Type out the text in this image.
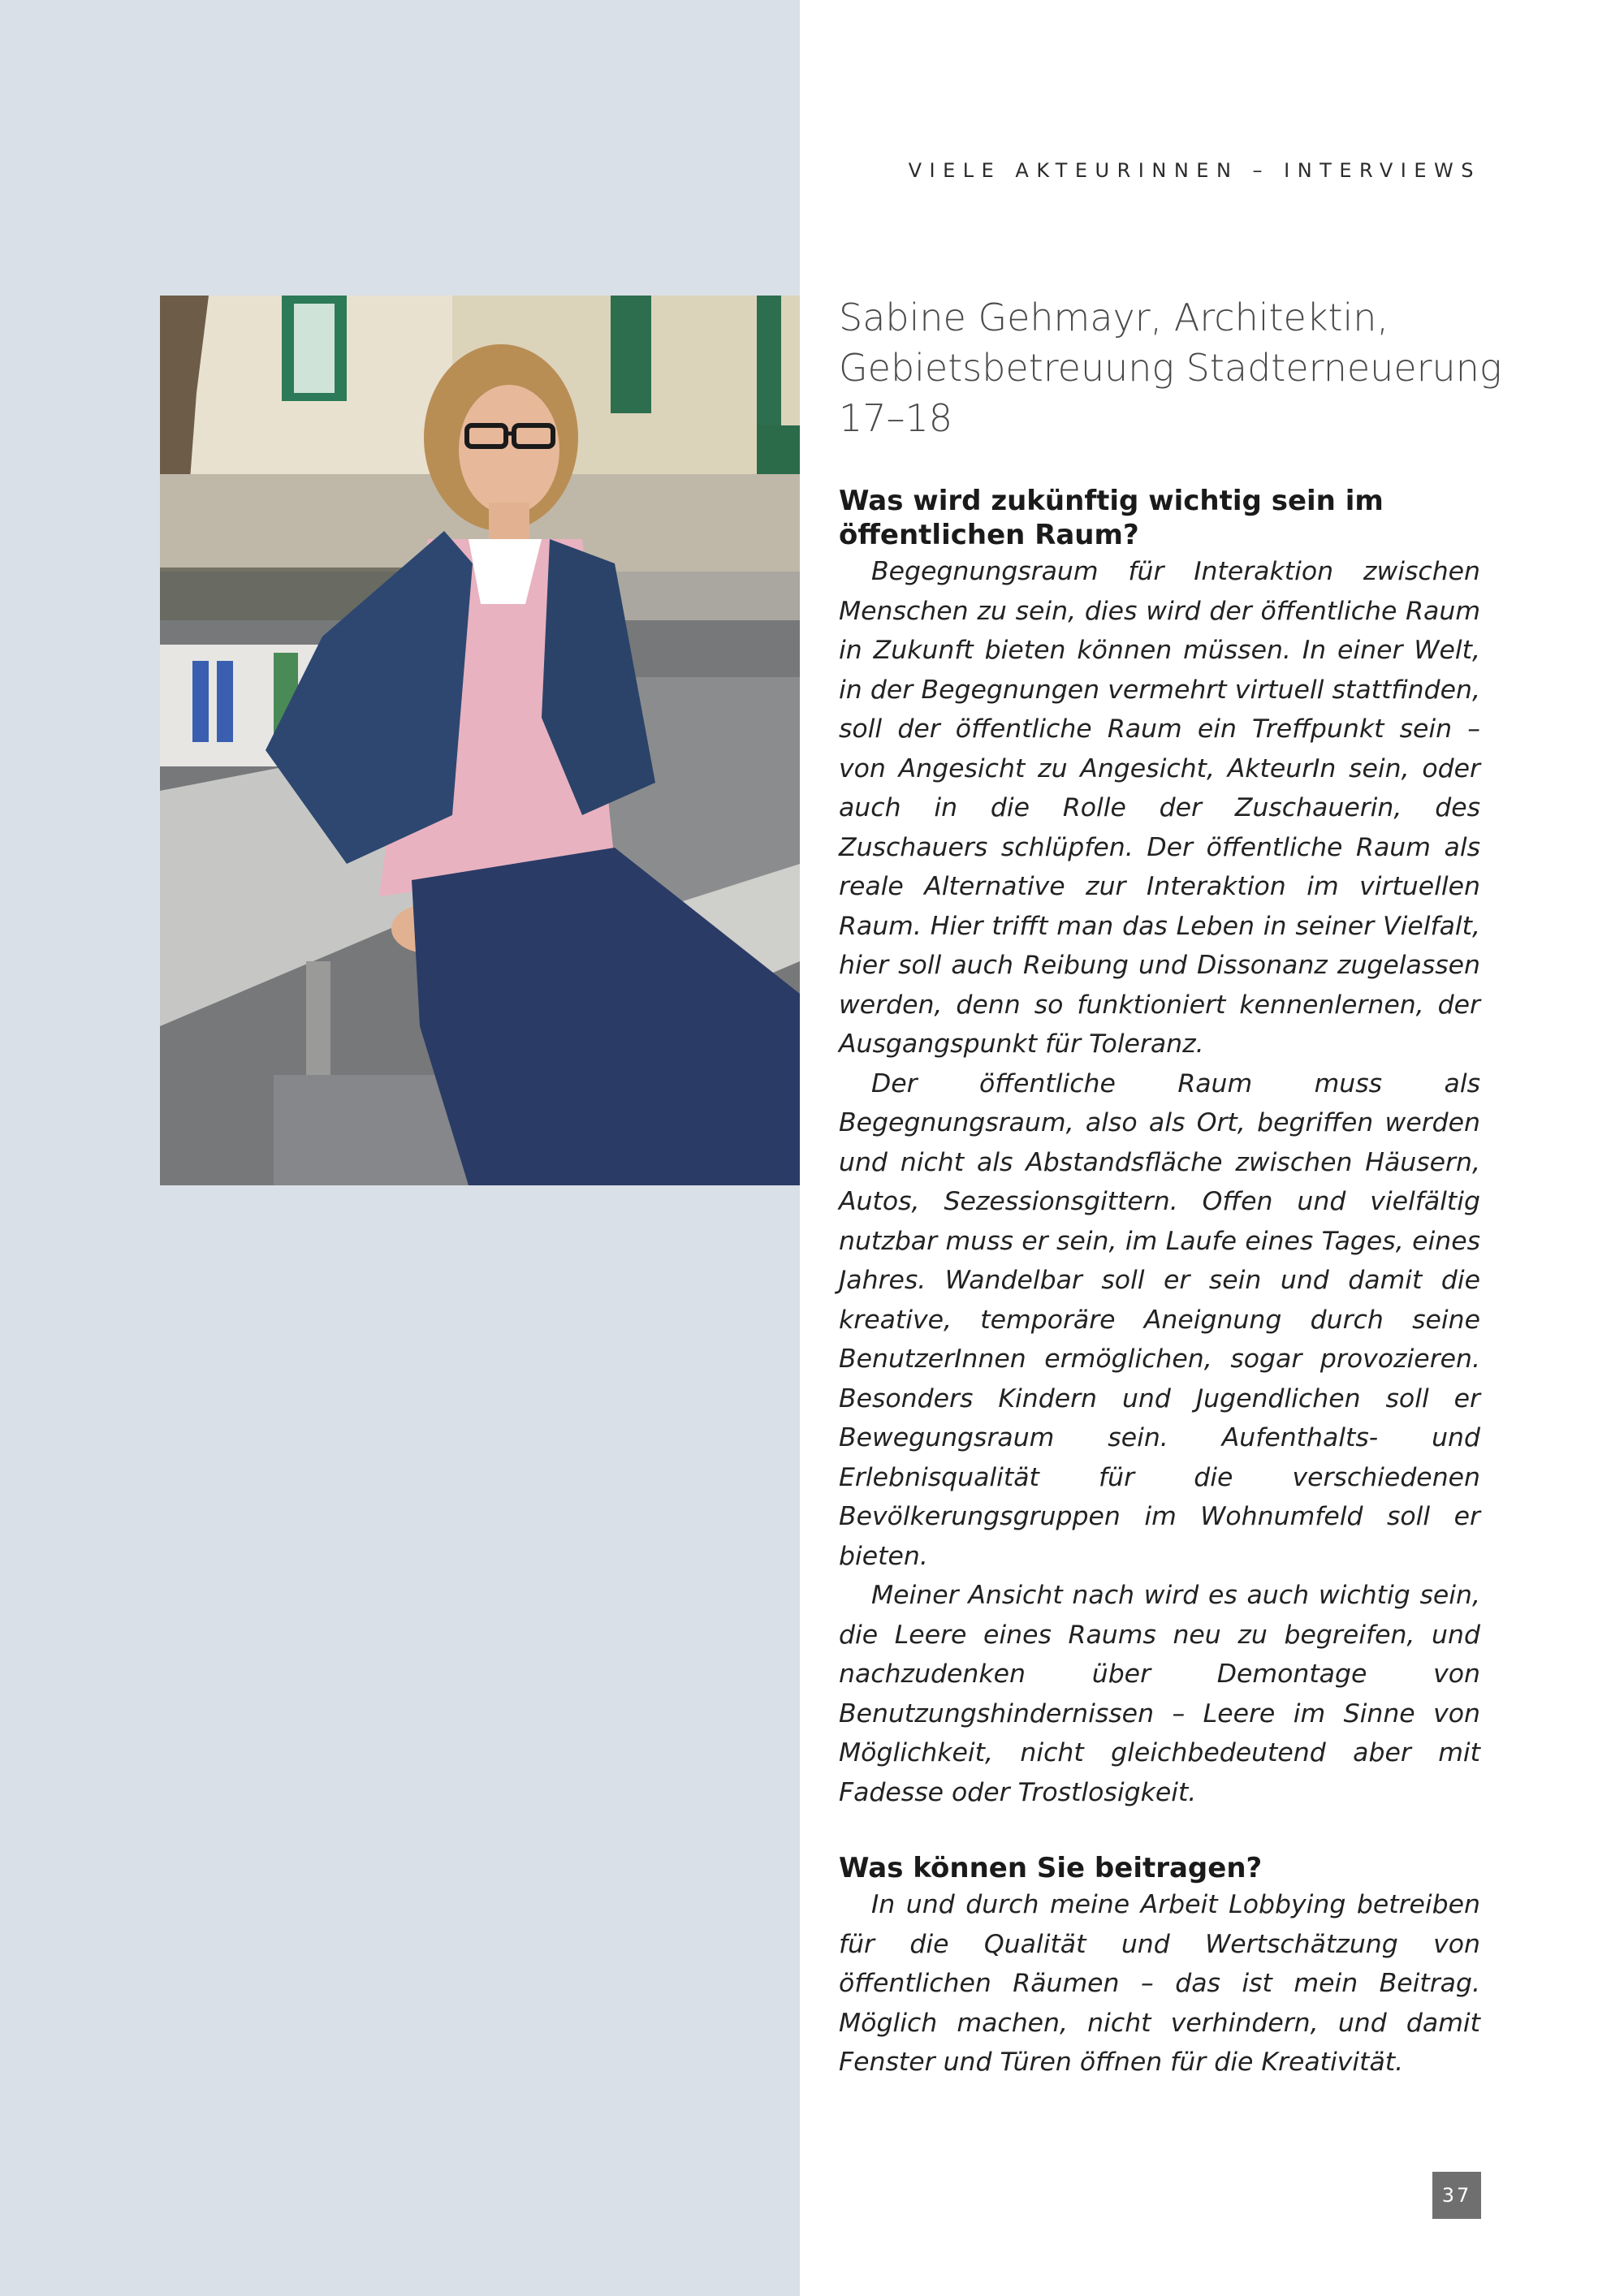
VIELE AKTEURINNEN – INTERVIEWS
Sabine Gehmayr, Architektin,
Gebietsbetreuung Stadterneuerung
17–18
Was wird zukünftig wichtig sein im öffentlichen Raum?

Begegnungsraum für Interaktion zwischen Menschen zu sein, dies wird der öffentliche Raum in Zukunft bieten können müssen. In einer Welt, in der Begegnungen vermehrt virtuell stattfinden, soll der öffentliche Raum ein Treffpunkt sein – von Angesicht zu Angesicht, AkteurIn sein, oder auch in die Rolle der Zuschauerin, des Zuschauers schlüpfen. Der öffentliche Raum als reale Alternative zur Interaktion im virtuellen Raum. Hier trifft man das Leben in seiner Vielfalt, hier soll auch Reibung und Dissonanz zugelassen werden, denn so funktioniert kennenlernen, der Ausgangspunkt für Toleranz.

Der öffentliche Raum muss als Begegnungsraum, also als Ort, begriffen werden und nicht als Abstandsfläche zwischen Häusern, Autos, Sezessionsgittern. Offen und vielfältig nutzbar muss er sein, im Laufe eines Tages, eines Jahres. Wandelbar soll er sein und damit die kreative, temporäre Aneignung durch seine BenutzerInnen ermöglichen, sogar provozieren. Besonders Kindern und Jugendlichen soll er Bewegungsraum sein. Aufenthalts- und Erlebnisqualität für die verschiedenen Bevölkerungsgruppen im Wohnumfeld soll er bieten.

Meiner Ansicht nach wird es auch wichtig sein, die Leere eines Raums neu zu begreifen, und nachzudenken über Demontage von Benutzungshindernissen – Leere im Sinne von Möglichkeit, nicht gleichbedeutend aber mit Fadesse oder Trostlosigkeit.

Was können Sie beitragen?

In und durch meine Arbeit Lobbying betreiben für die Qualität und Wertschätzung von öffentlichen Räumen – das ist mein Beitrag. Möglich machen, nicht verhindern, und damit Fenster und Türen öffnen für die Kreativität.

37
